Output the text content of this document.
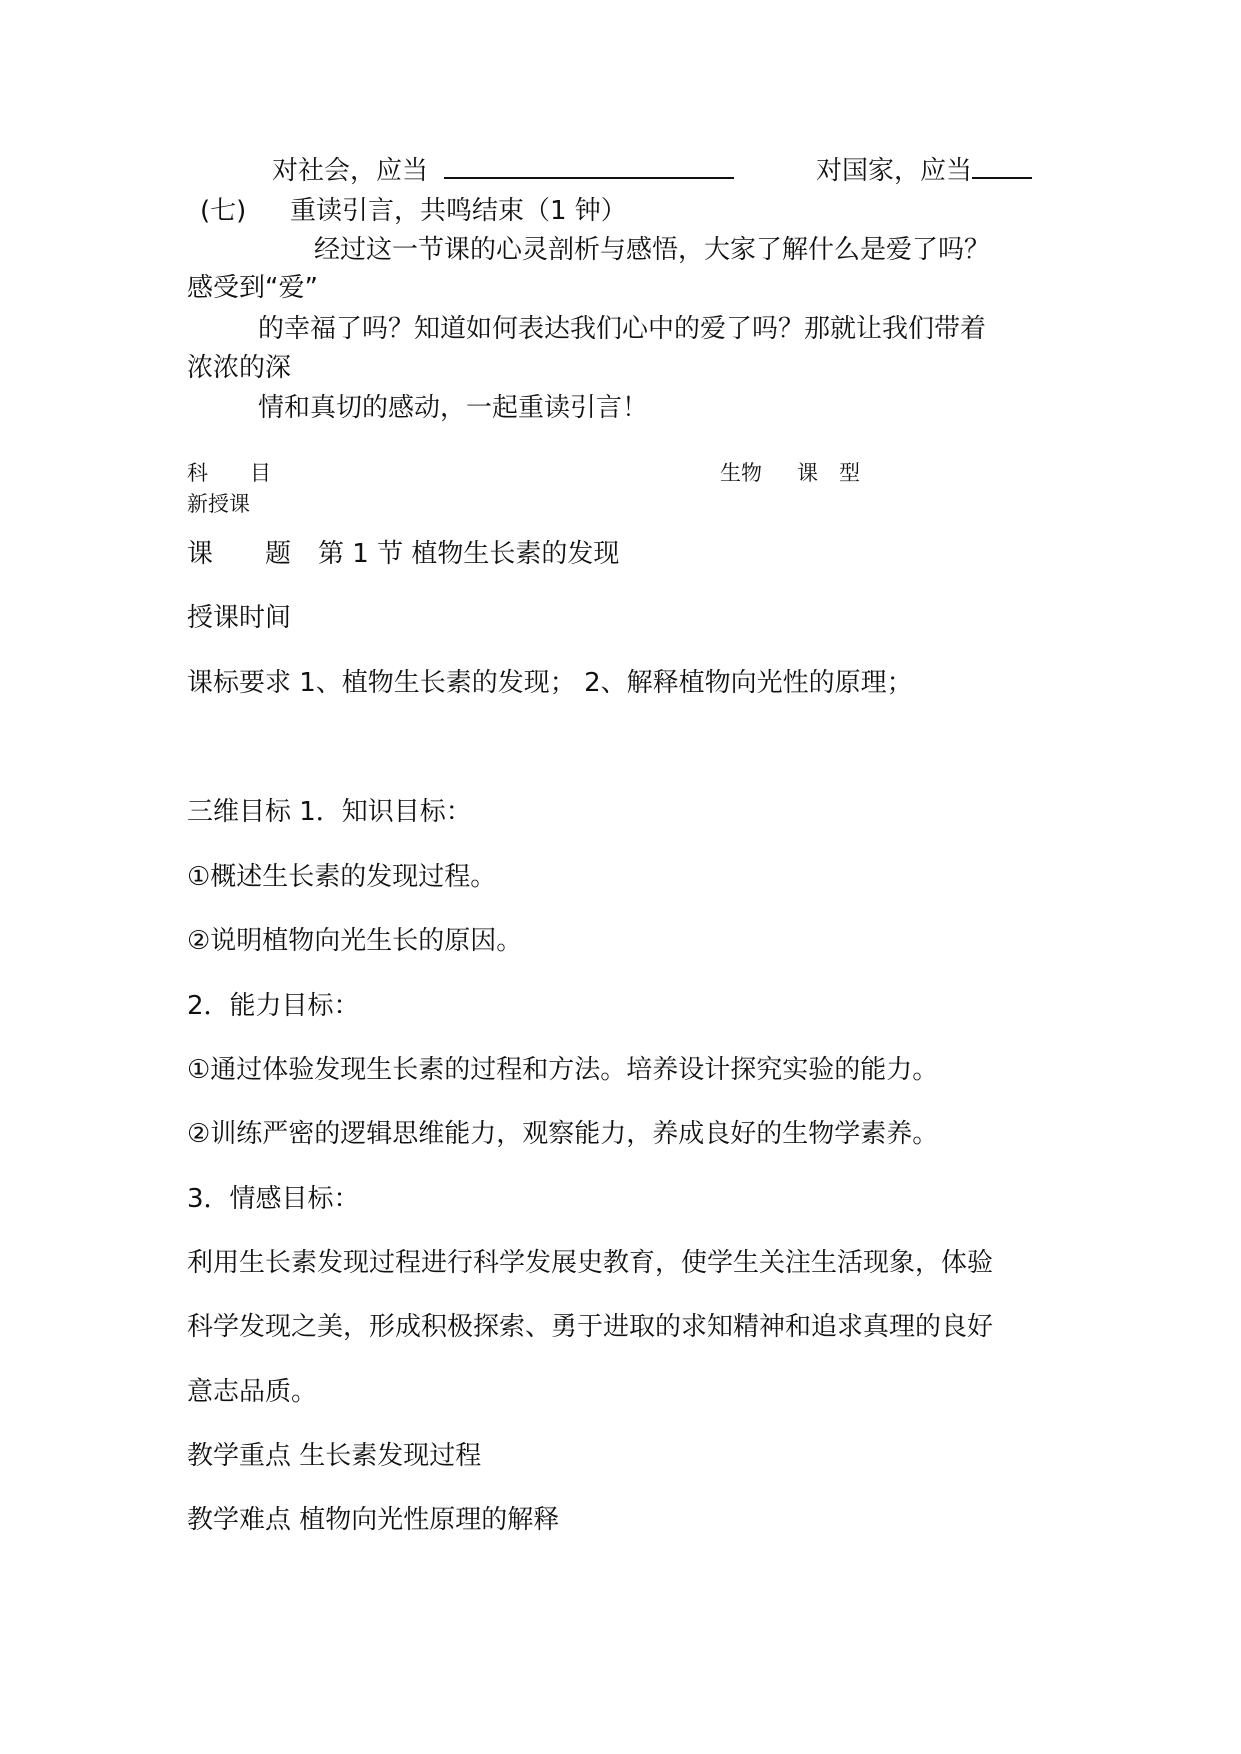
对社会，应当	对国家，应当
(七) 重读引言，共鸣结束（1 钟）
经过这一节课的心灵剖析与感悟，大家了解什么是爱了吗？
感受到“爱”
的幸福了吗？知道如何表达我们心中的爱了吗？那就让我们带着
浓浓的深
情和真切的感动，一起重读引言！
科　　目	生物 课　型
新授课
课　　题 第 1 节 植物生长素的发现
授课时间
课标要求 1、植物生长素的发现； 2、解释植物向光性的原理；
三维目标 1．知识目标：
①概述生长素的发现过程。
②说明植物向光生长的原因。
2．能力目标：
①通过体验发现生长素的过程和方法。培养设计探究实验的能力。
②训练严密的逻辑思维能力，观察能力，养成良好的生物学素养。
3．情感目标：
利用生长素发现过程进行科学发展史教育，使学生关注生活现象，体验
科学发现之美，形成积极探索、勇于进取的求知精神和追求真理的良好
意志品质。
教学重点 生长素发现过程
教学难点 植物向光性原理的解释
